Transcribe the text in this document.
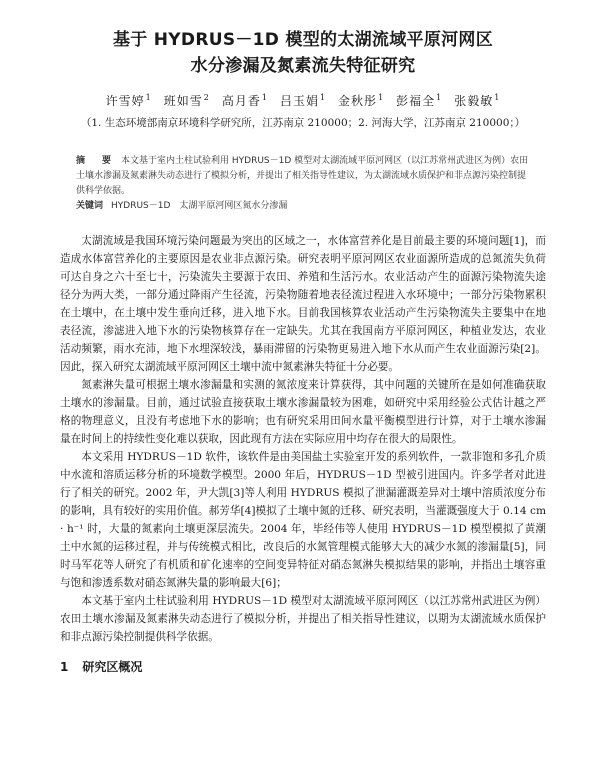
基于 HYDRUS－1D 模型的太湖流域平原河网区
水分渗漏及氮素流失特征研究
许雪婷$^1$ 班如雪$^2$ 高月香$^1$ 吕玉娟$^1$ 金秋彤$^1$ 彭福全$^1$ 张毅敏$^1$
（1. 生态环境部南京环境科学研究所，江苏南京 210000；2. 河海大学，江苏南京 210000；）
摘　要 本文基于室内土柱试验利用 HYDRUS－1D 模型对太湖流域平原河网区（以江苏常州武进区为例）农田土壤水渗漏及氮素淋失动态进行了模拟分析，并提出了相关指导性建议，为太湖流域水质保护和非点源污染控制提供科学依据。
关键词 HYDRUS－1D　太湖平原河网区氮水分渗漏

太湖流域是我国环境污染问题最为突出的区域之一，水体富营养化是目前最主要的环境问题[1]，而造成水体富营养化的主要原因是农业非点源污染。研究表明平原河网区农业面源所造成的总氮流失负荷可达自身之六十至七十，污染流失主要源于农田、养殖和生活污水。农业活动产生的面源污染物流失途径分为两大类，一部分通过降雨产生径流，污染物随着地表径流过程进入水环境中；一部分污染物累积在土壤中，在土壤中发生垂向迁移，进入地下水。目前我国核算农业活动产生污染物流失主要集中在地表径流，渗滤进入地下水的污染物核算存在一定缺失。尤其在我国南方平原河网区，种植业发达，农业活动频繁，雨水充沛，地下水埋深较浅，暴雨滞留的污染物更易进入地下水从而产生农业面源污染[2]。因此，探入研究太湖流域平原河网区土壤中流中氮素淋失特征十分必要。

氮素淋失量可根据土壤水渗漏量和实测的氮浓度来计算获得，其中问题的关键所在是如何准确获取土壤水的渗漏量。目前，通过试验直接获取土壤水渗漏量较为困难，如研究中采用经验公式估计越之严格的物理意义，且没有考虑地下水的影响；也有研究采用田间水量平衡模型进行计算，对于土壤水渗漏量在时间上的持续性变化难以获取，因此现有方法在实际应用中均存在很大的局限性。

本文采用 HYDRUS－1D 软件，该软件是由美国盐土实验室开发的系列软件，一款非饱和多孔介质中水流和溶质运移分析的环境数学模型。2000 年后，HYDRUS－1D 型被引进国内。许多学者对此进行了相关的研究。2002 年，尹大凯[3]等人利用 HYDRUS 模拟了泄漏灌溉差异对土壤中溶质浓度分布的影响，具有较好的实用价值。郝芳华[4]模拟了土壤中氮的迁移、研究表明，当灌溉强度大于 0.14 cm · h⁻¹ 时，大量的氮素向土壤更深层流失。2004 年，毕经伟等人使用 HYDRUS－1D 模型模拟了黄潮土中水氮的运移过程，并与传统模式相比，改良后的水氮管理模式能够大大的减少水氮的渗漏量[5]，同时马军花等人研究了有机质和矿化速率的空间变异特征对硝态氮淋失模拟结果的影响，并指出土壤容重与饱和渗透系数对硝态氮淋失量的影响最大[6]；

本文基于室内土柱试验利用 HYDRUS－1D 模型对太湖流域平原河网区（以江苏常州武进区为例）农田土壤水渗漏及氮素淋失动态进行了模拟分析，并提出了相关指导性建议，以期为太湖流域水质保护和非点源污染控制提供科学依据。

1 研究区概况
